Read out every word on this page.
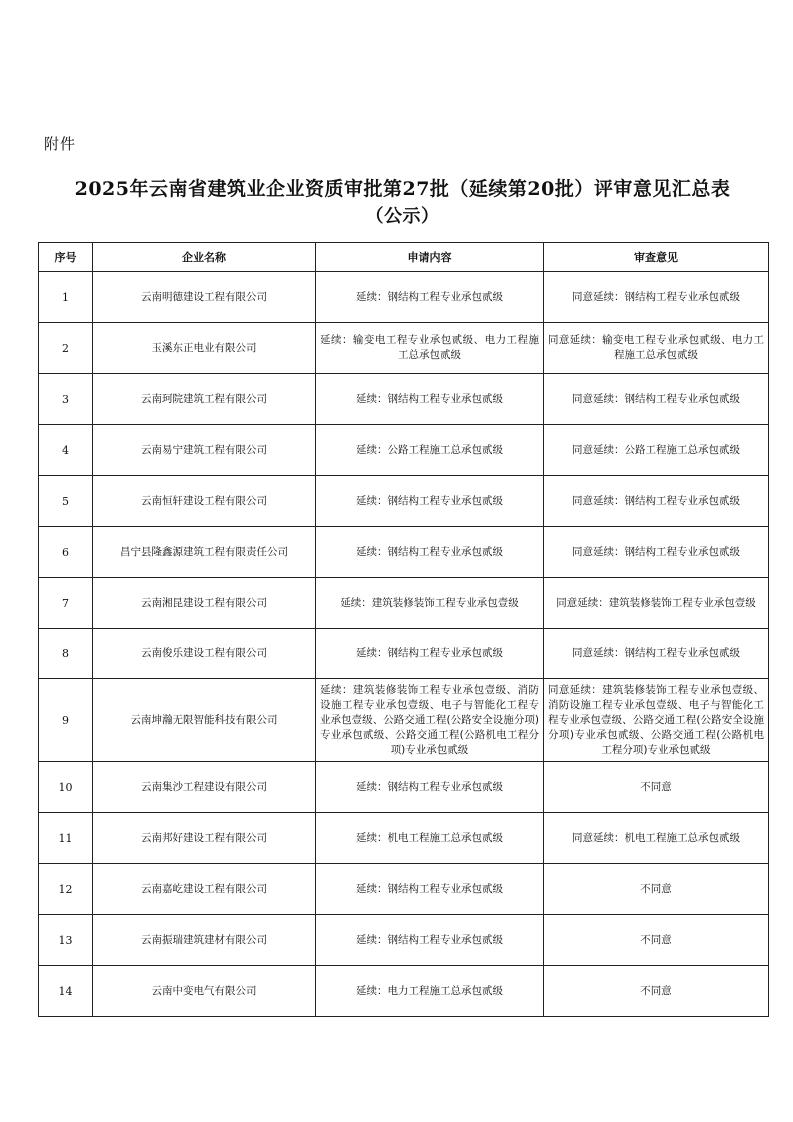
附件
2025年云南省建筑业企业资质审批第27批（延续第20批）评审意见汇总表
（公示）
序号	企业名称	申请内容	审查意见
1	云南明德建设工程有限公司	延续：钢结构工程专业承包贰级	同意延续：钢结构工程专业承包贰级
2	玉溪东正电业有限公司	延续：输变电工程专业承包贰级、电力工程施工总承包贰级	同意延续：输变电工程专业承包贰级、电力工程施工总承包贰级
3	云南珂院建筑工程有限公司	延续：钢结构工程专业承包贰级	同意延续：钢结构工程专业承包贰级
4	云南易宁建筑工程有限公司	延续：公路工程施工总承包贰级	同意延续：公路工程施工总承包贰级
5	云南恒轩建设工程有限公司	延续：钢结构工程专业承包贰级	同意延续：钢结构工程专业承包贰级
6	昌宁县隆鑫源建筑工程有限责任公司	延续：钢结构工程专业承包贰级	同意延续：钢结构工程专业承包贰级
7	云南湘昆建设工程有限公司	延续：建筑装修装饰工程专业承包壹级	同意延续：建筑装修装饰工程专业承包壹级
8	云南俊乐建设工程有限公司	延续：钢结构工程专业承包贰级	同意延续：钢结构工程专业承包贰级
9	云南坤瀚无限智能科技有限公司	延续：建筑装修装饰工程专业承包壹级、消防设施工程专业承包壹级、电子与智能化工程专业承包壹级、公路交通工程(公路安全设施分项)专业承包贰级、公路交通工程(公路机电工程分项)专业承包贰级	同意延续：建筑装修装饰工程专业承包壹级、消防设施工程专业承包壹级、电子与智能化工程专业承包壹级、公路交通工程(公路安全设施分项)专业承包贰级、公路交通工程(公路机电工程分项)专业承包贰级
10	云南集沙工程建设有限公司	延续：钢结构工程专业承包贰级	不同意
11	云南邦好建设工程有限公司	延续：机电工程施工总承包贰级	同意延续：机电工程施工总承包贰级
12	云南嘉屹建设工程有限公司	延续：钢结构工程专业承包贰级	不同意
13	云南振瑞建筑建材有限公司	延续：钢结构工程专业承包贰级	不同意
14	云南中变电气有限公司	延续：电力工程施工总承包贰级	不同意
